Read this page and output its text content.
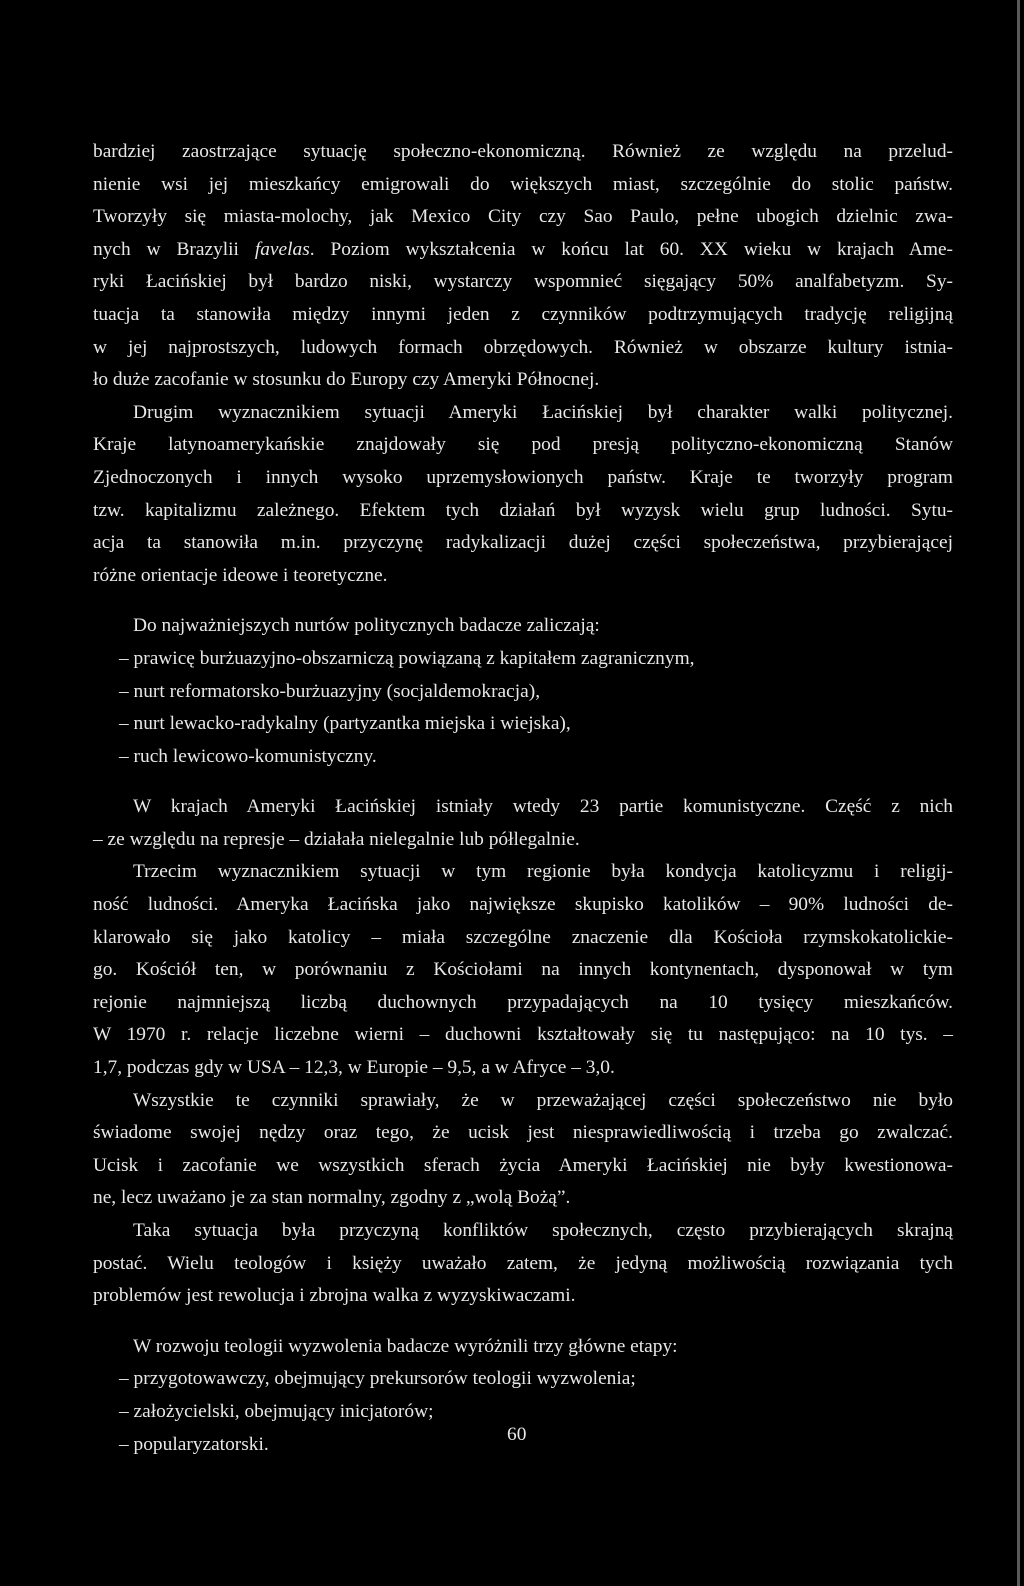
bardziej zaostrzające sytuację społeczno-ekonomiczną. Również ze względu na przelud-
nienie wsi jej mieszkańcy emigrowali do większych miast, szczególnie do stolic państw.
Tworzyły się miasta-molochy, jak Mexico City czy Sao Paulo, pełne ubogich dzielnic zwa-
nych w Brazylii favelas. Poziom wykształcenia w końcu lat 60. XX wieku w krajach Ame-
ryki Łacińskiej był bardzo niski, wystarczy wspomnieć sięgający 50% analfabetyzm. Sy-
tuacja ta stanowiła między innymi jeden z czynników podtrzymujących tradycję religijną
w jej najprostszych, ludowych formach obrzędowych. Również w obszarze kultury istnia-
ło duże zacofanie w stosunku do Europy czy Ameryki Północnej.
Drugim wyznacznikiem sytuacji Ameryki Łacińskiej był charakter walki politycznej.
Kraje latynoamerykańskie znajdowały się pod presją polityczno-ekonomiczną Stanów
Zjednoczonych i innych wysoko uprzemysłowionych państw. Kraje te tworzyły program
tzw. kapitalizmu zależnego. Efektem tych działań był wyzysk wielu grup ludności. Sytu-
acja ta stanowiła m.in. przyczynę radykalizacji dużej części społeczeństwa, przybierającej
różne orientacje ideowe i teoretyczne.
Do najważniejszych nurtów politycznych badacze zaliczają:
– prawicę burżuazyjno-obszarniczą powiązaną z kapitałem zagranicznym,
– nurt reformatorsko-burżuazyjny (socjaldemokracja),
– nurt lewacko-radykalny (partyzantka miejska i wiejska),
– ruch lewicowo-komunistyczny.
W krajach Ameryki Łacińskiej istniały wtedy 23 partie komunistyczne. Część z nich
– ze względu na represje – działała nielegalnie lub półlegalnie.
Trzecim wyznacznikiem sytuacji w tym regionie była kondycja katolicyzmu i religij-
ność ludności. Ameryka Łacińska jako największe skupisko katolików – 90% ludności de-
klarowało się jako katolicy – miała szczególne znaczenie dla Kościoła rzymskokatolickie-
go. Kościół ten, w porównaniu z Kościołami na innych kontynentach, dysponował w tym
rejonie najmniejszą liczbą duchownych przypadających na 10 tysięcy mieszkańców.
W 1970 r. relacje liczebne wierni – duchowni kształtowały się tu następująco: na 10 tys. –
1,7, podczas gdy w USA – 12,3, w Europie – 9,5, a w Afryce – 3,0.
Wszystkie te czynniki sprawiały, że w przeważającej części społeczeństwo nie było
świadome swojej nędzy oraz tego, że ucisk jest niesprawiedliwością i trzeba go zwalczać.
Ucisk i zacofanie we wszystkich sferach życia Ameryki Łacińskiej nie były kwestionowa-
ne, lecz uważano je za stan normalny, zgodny z „wolą Bożą”.
Taka sytuacja była przyczyną konfliktów społecznych, często przybierających skrajną
postać. Wielu teologów i księży uważało zatem, że jedyną możliwością rozwiązania tych
problemów jest rewolucja i zbrojna walka z wyzyskiwaczami.
W rozwoju teologii wyzwolenia badacze wyróżnili trzy główne etapy:
– przygotowawczy, obejmujący prekursorów teologii wyzwolenia;
– założycielski, obejmujący inicjatorów;
– popularyzatorski.	60
